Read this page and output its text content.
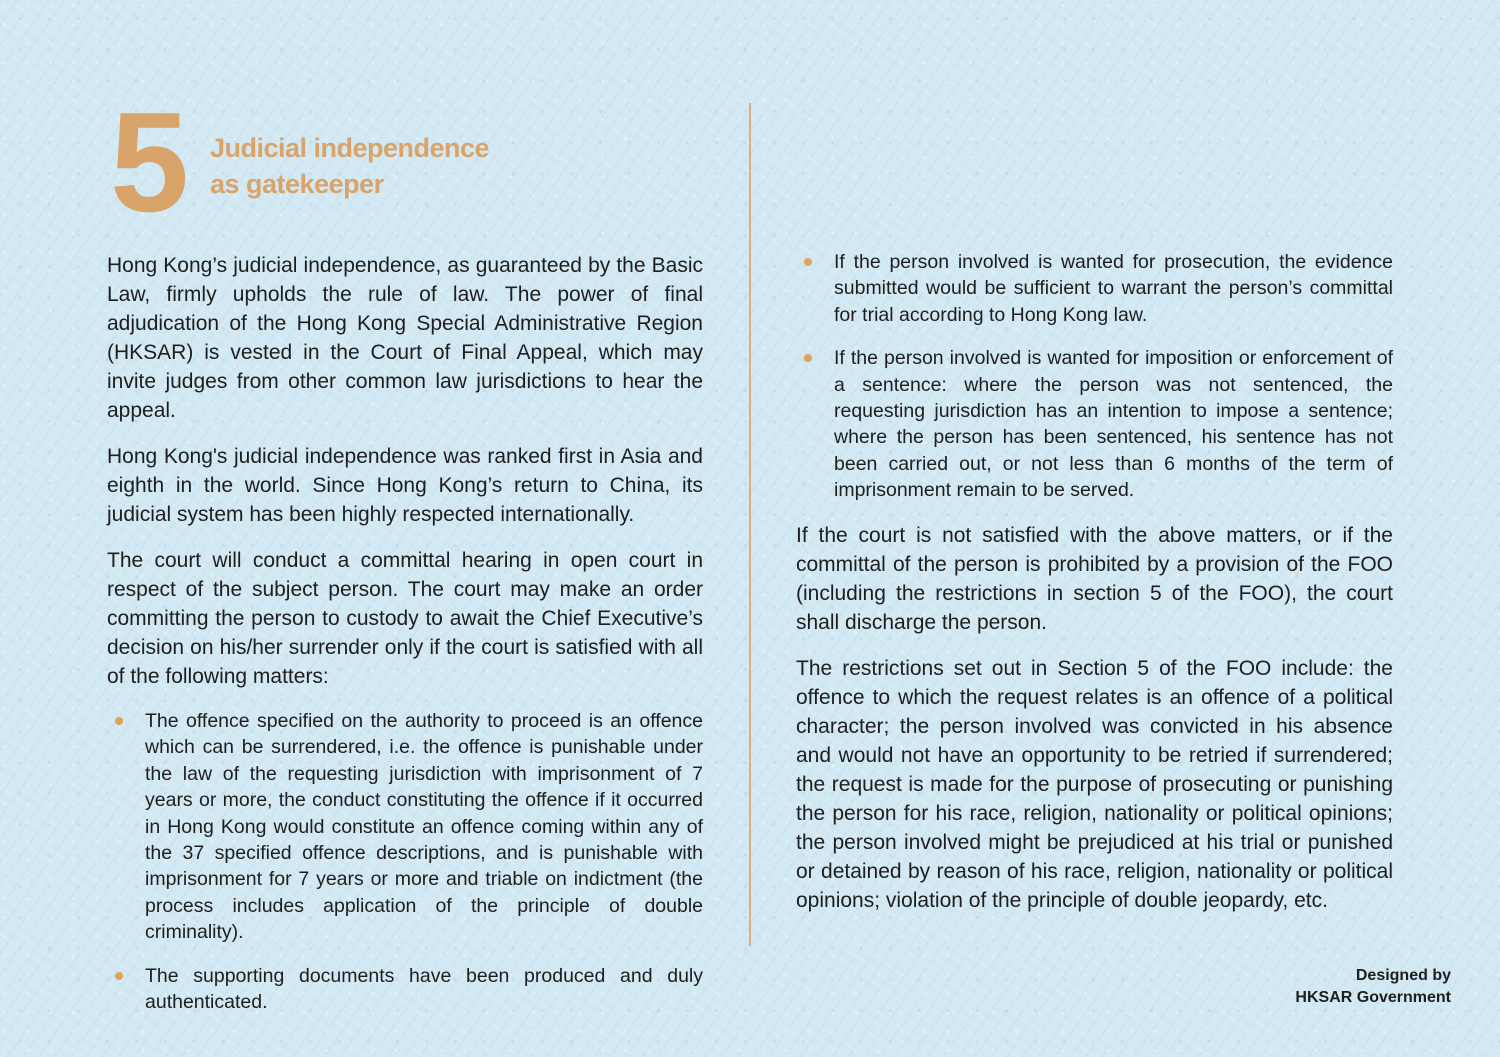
5 Judicial independence
as gatekeeper

Hong Kong’s judicial independence, as guaranteed by the Basic Law, firmly upholds the rule of law. The power of final adjudication of the Hong Kong Special Administrative Region (HKSAR) is vested in the Court of Final Appeal, which may invite judges from other common law jurisdictions to hear the appeal.

Hong Kong's judicial independence was ranked first in Asia and eighth in the world. Since Hong Kong’s return to China, its judicial system has been highly respected internationally.

The court will conduct a committal hearing in open court in respect of the subject person. The court may make an order committing the person to custody to await the Chief Executive’s decision on his/her surrender only if the court is satisfied with all of the following matters:

The offence specified on the authority to proceed is an offence which can be surrendered, i.e. the offence is punishable under the law of the requesting jurisdiction with imprisonment of 7 years or more, the conduct constituting the offence if it occurred in Hong Kong would constitute an offence coming within any of the 37 specified offence descriptions, and is punishable with imprisonment for 7 years or more and triable on indictment (the process includes application of the principle of double criminality).
The supporting documents have been produced and duly authenticated.
If the person involved is wanted for prosecution, the evidence submitted would be sufficient to warrant the person’s committal for trial according to Hong Kong law.
If the person involved is wanted for imposition or enforcement of a sentence: where the person was not sentenced, the requesting jurisdiction has an intention to impose a sentence; where the person has been sentenced, his sentence has not been carried out, or not less than 6 months of the term of imprisonment remain to be served.

If the court is not satisfied with the above matters, or if the committal of the person is prohibited by a provision of the FOO (including the restrictions in section 5 of the FOO), the court shall discharge the person.

The restrictions set out in Section 5 of the FOO include: the offence to which the request relates is an offence of a political character; the person involved was convicted in his absence and would not have an opportunity to be retried if surrendered; the request is made for the purpose of prosecuting or punishing the person for his race, religion, nationality or political opinions; the person involved might be prejudiced at his trial or punished or detained by reason of his race, religion, nationality or political opinions; violation of the principle of double jeopardy, etc.

Designed by
HKSAR Government
